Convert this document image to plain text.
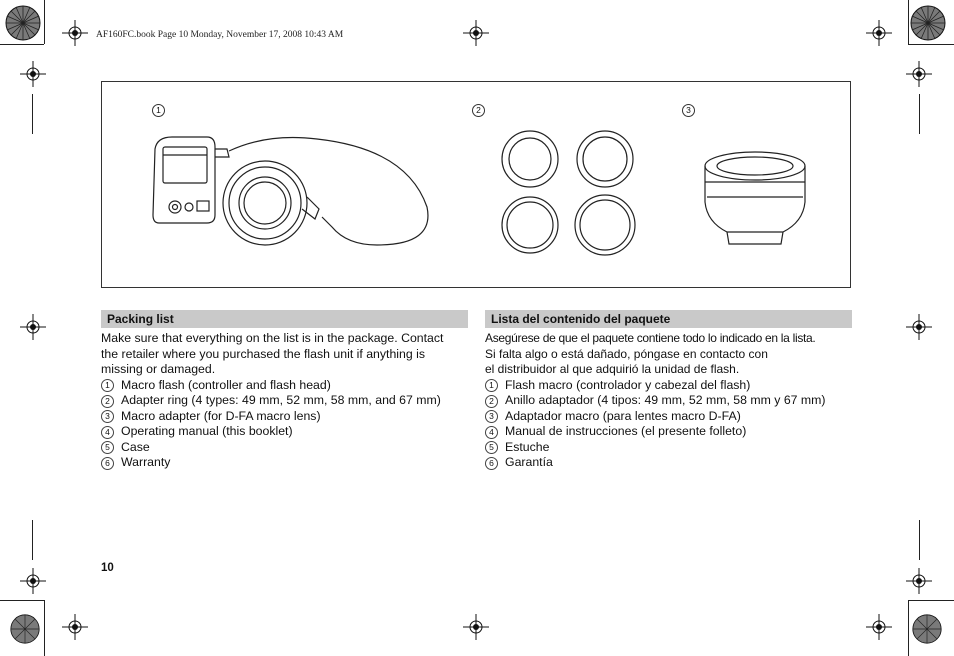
AF160FC.book Page 10 Monday, November 17, 2008 10:43 AM
1	2	3
Packing list

Make sure that everything on the list is in the package. Contact

the retailer where you purchased the flash unit if anything is

missing or damaged.

1 Macro flash (controller and flash head)
2 Adapter ring (4 types: 49 mm, 52 mm, 58 mm, and 67 mm)
3 Macro adapter (for D-FA macro lens)
4 Operating manual (this booklet)
5 Case
6 Warranty
Lista del contenido del paquete

Asegúrese de que el paquete contiene todo lo indicado en la lista.

Si falta algo o está dañado, póngase en contacto con

el distribuidor al que adquirió la unidad de flash.

1 Flash macro (controlador y cabezal del flash)
2 Anillo adaptador (4 tipos: 49 mm, 52 mm, 58 mm y 67 mm)
3 Adaptador macro (para lentes macro D-FA)
4 Manual de instrucciones (el presente folleto)
5 Estuche
6 Garantía
10
